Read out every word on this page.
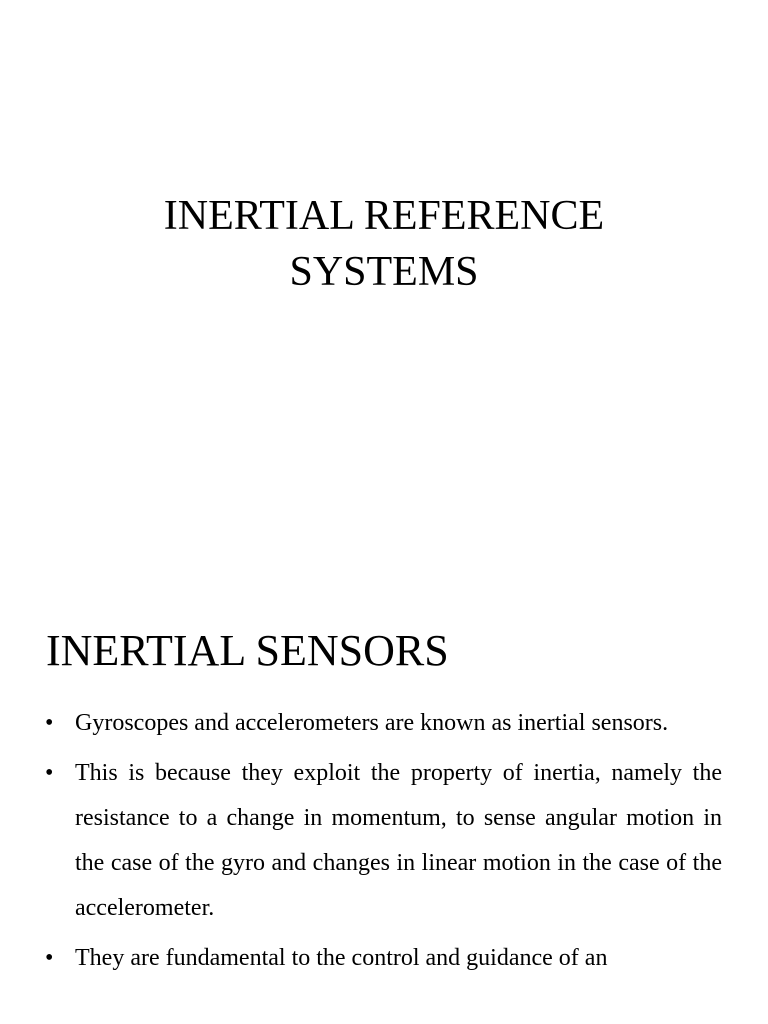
INERTIAL REFERENCE
SYSTEMS
INERTIAL SENSORS
• Gyroscopes and accelerometers are known as inertial sensors.
• This is because they exploit the property of inertia, namely the resistance to a change in momentum, to sense angular motion in the case of the gyro and changes in linear motion in the case of the accelerometer.
• They are fundamental to the control and guidance of an
